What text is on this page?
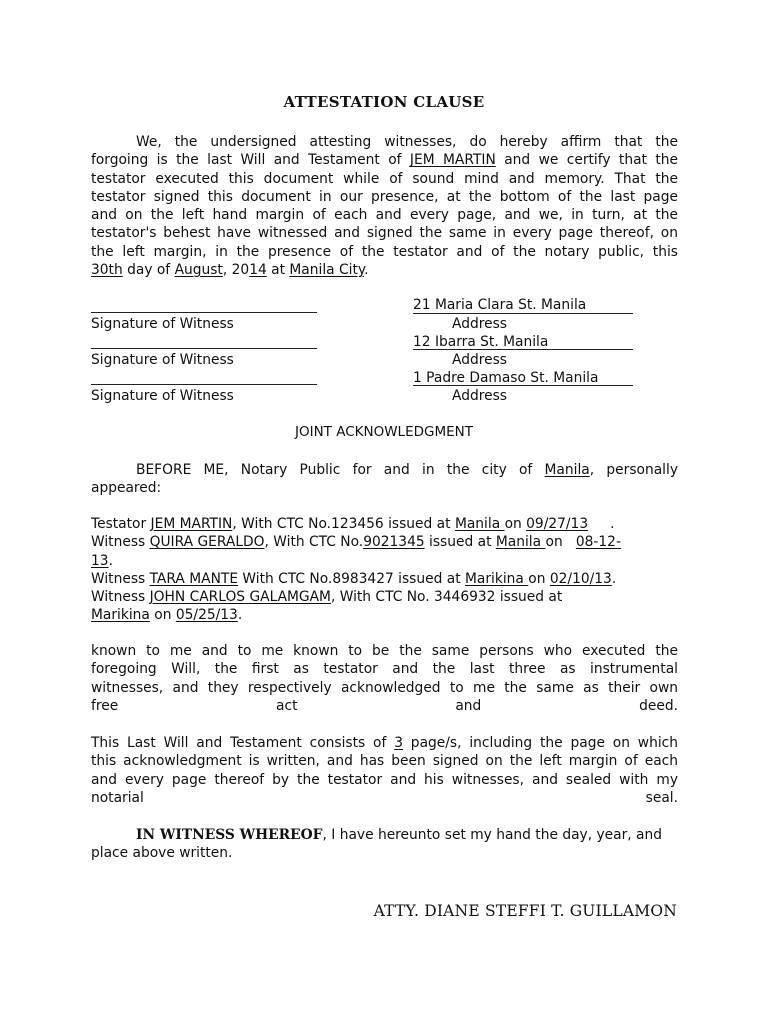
ATTESTATION CLAUSE
We, the undersigned attesting witnesses, do hereby affirm that the
forgoing is the last Will and Testament of JEM MARTIN and we certify that the
testator executed this document while of sound mind and memory. That the
testator signed this document in our presence, at the bottom of the last page
and on the left hand margin of each and every page, and we, in turn, at the
testator's behest have witnessed and signed the same in every page thereof, on
the left margin, in the presence of the testator and of the notary public, this
30th day of August, 2014 at Manila City.
21 Maria Clara St. Manila
Signature of Witness	Address
12 Ibarra St. Manila
Signature of Witness	Address
1 Padre Damaso St. Manila
Signature of Witness	Address
JOINT ACKNOWLEDGMENT
BEFORE ME, Notary Public for and in the city of Manila, personally
appeared:
Testator JEM MARTIN, With CTC No.123456 issued at Manila on 09/27/13 .
Witness QUIRA GERALDO, With CTC No.9021345 issued at Manila on   08-12-
13.
Witness TARA MANTE With CTC No.8983427 issued at Marikina on 02/10/13.
Witness JOHN CARLOS GALAMGAM, With CTC No. 3446932 issued at
Marikina on 05/25/13.
known to me and to me known to be the same persons who executed the
foregoing Will, the first as testator and the last three as instrumental
witnesses, and they respectively acknowledged to me the same as their own
free	act	and	deed.
This Last Will and Testament consists of 3 page/s, including the page on which
this acknowledgment is written, and has been signed on the left margin of each
and every page thereof by the testator and his witnesses, and sealed with my
notarial	seal.
IN WITNESS WHEREOF, I have hereunto set my hand the day, year, and
place above written.
ATTY. DIANE STEFFI T. GUILLAMON
